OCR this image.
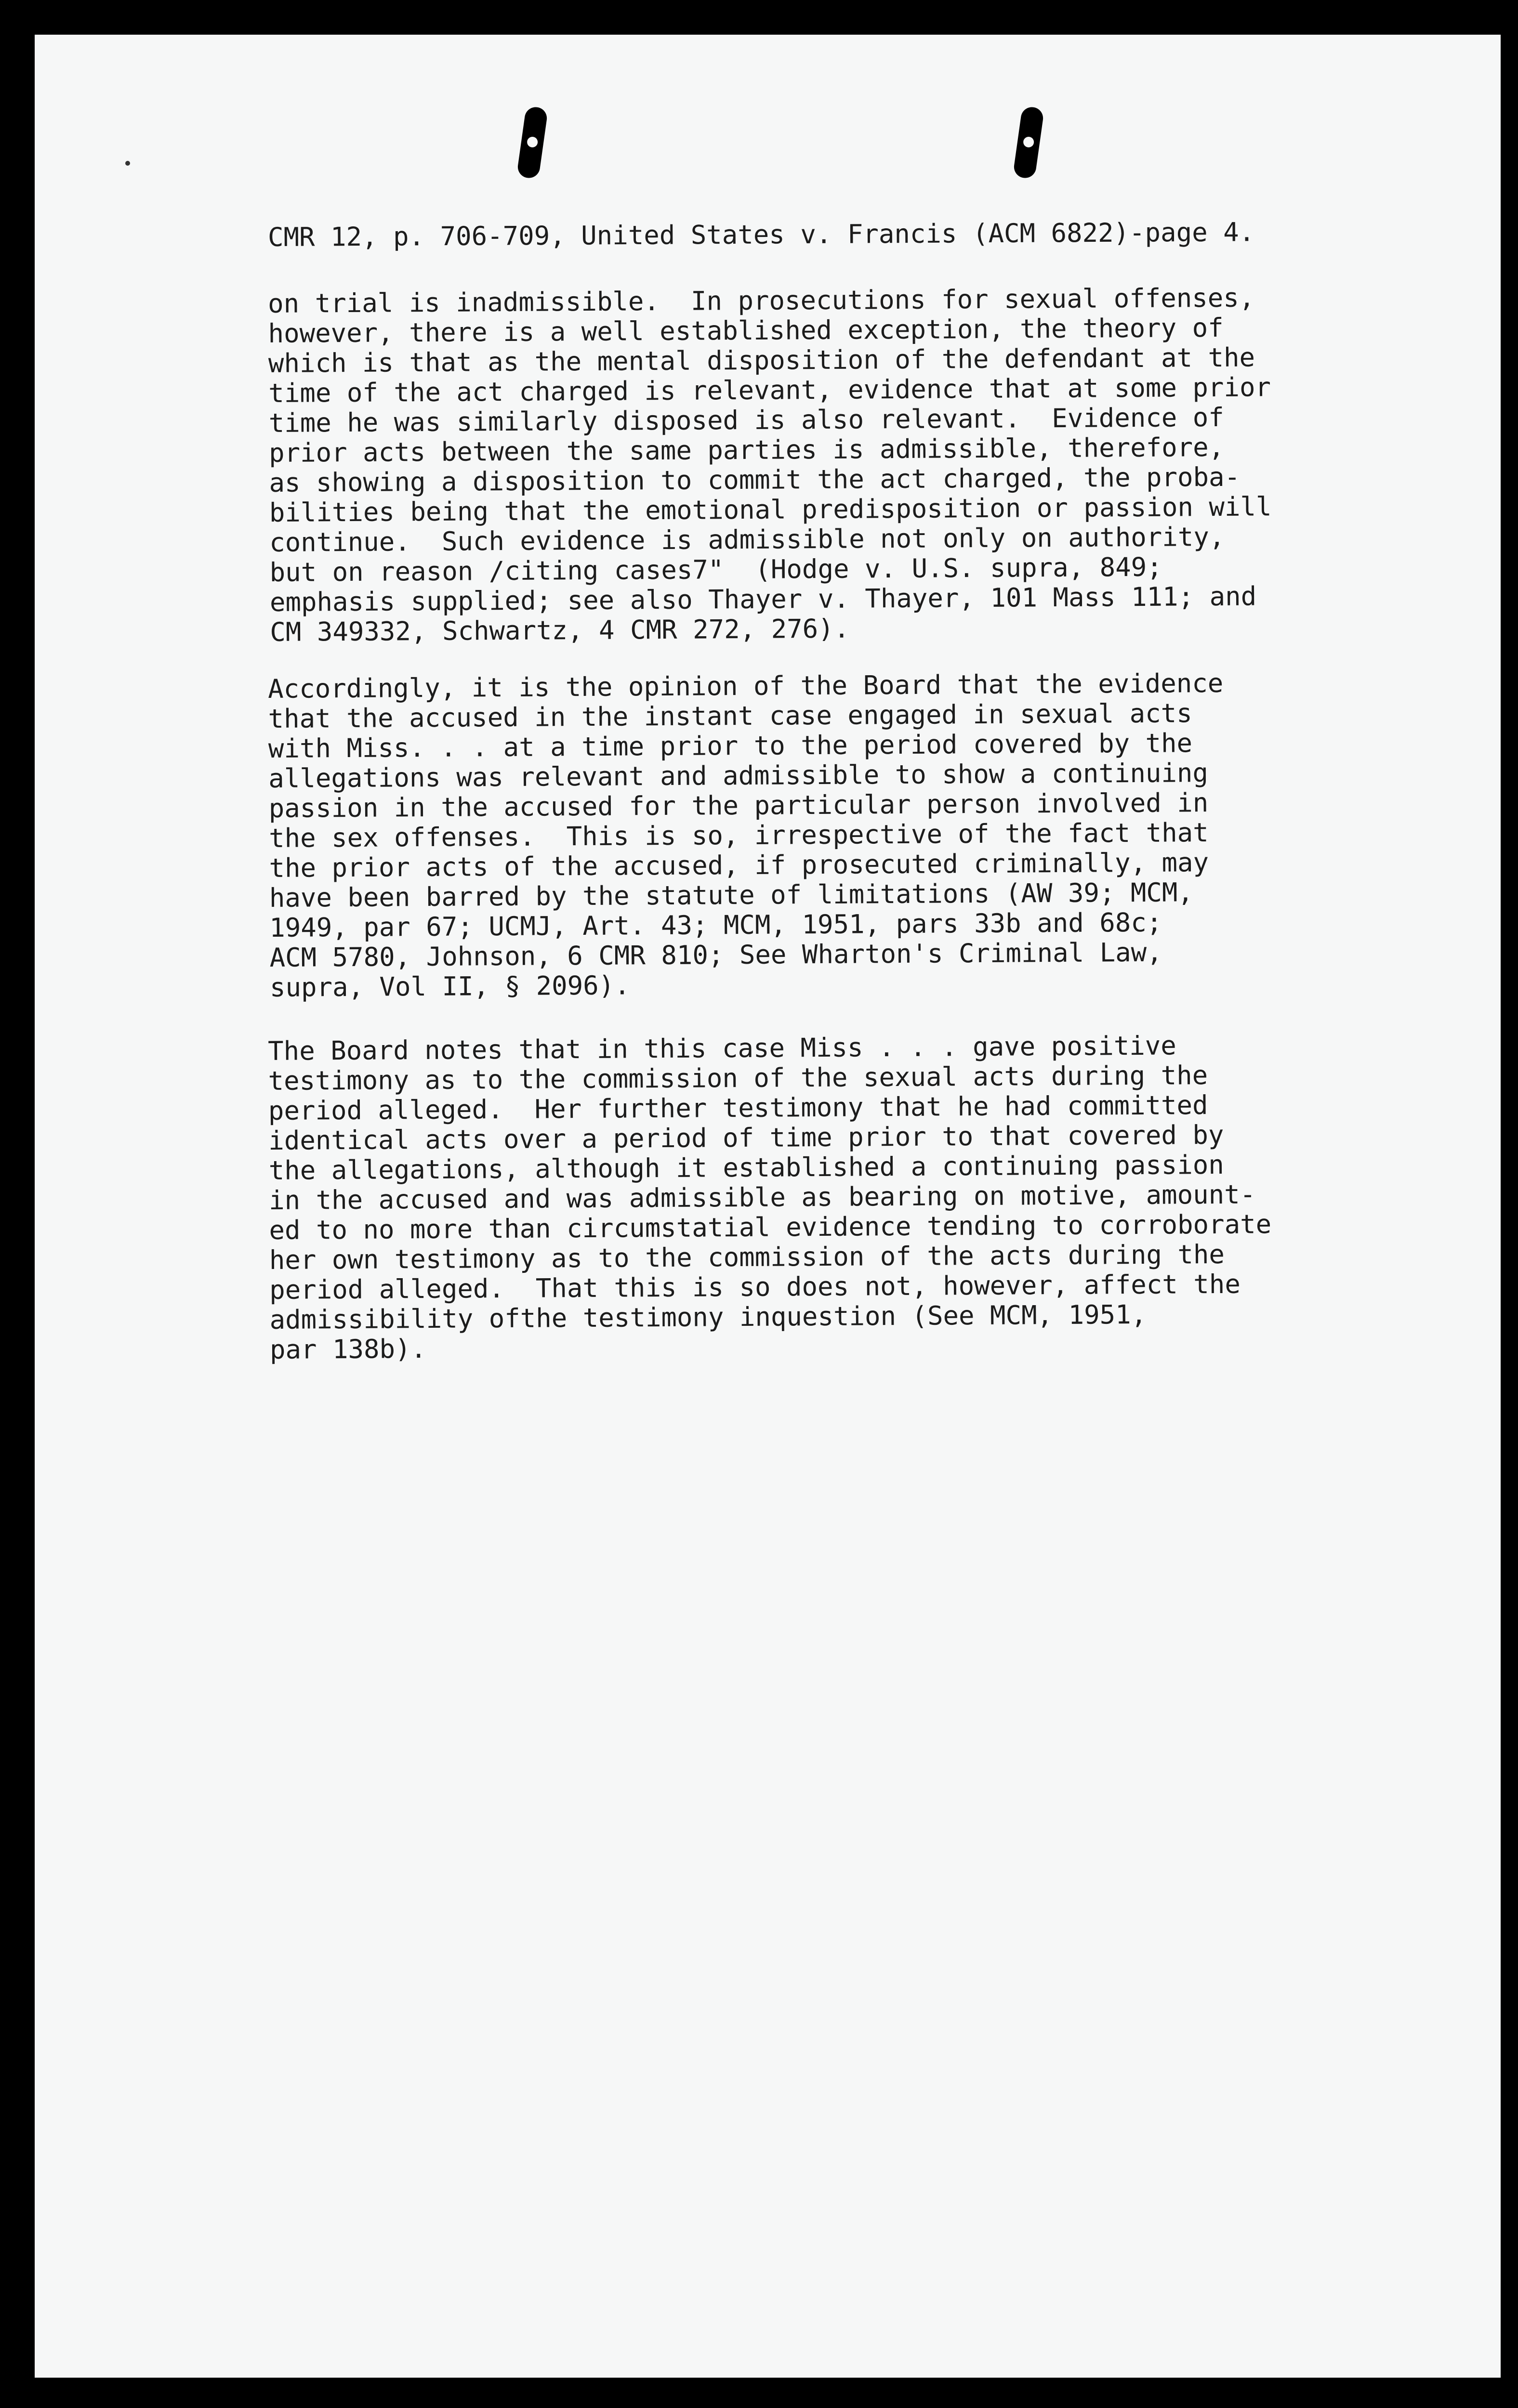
CMR 12, p. 706-709, United States v. Francis (ACM 6822)-page 4.
on trial is inadmissible.  In prosecutions for sexual offenses,
however, there is a well established exception, the theory of
which is that as the mental disposition of the defendant at the
time of the act charged is relevant, evidence that at some prior
time he was similarly disposed is also relevant.  Evidence of
prior acts between the same parties is admissible, therefore,
as showing a disposition to commit the act charged, the proba-
bilities being that the emotional predisposition or passion will
continue.  Such evidence is admissible not only on authority,
but on reason /citing cases7"  (Hodge v. U.S. supra, 849;
emphasis supplied; see also Thayer v. Thayer, 101 Mass 111; and
CM 349332, Schwartz, 4 CMR 272, 276).
Accordingly, it is the opinion of the Board that the evidence
that the accused in the instant case engaged in sexual acts
with Miss. . . at a time prior to the period covered by the
allegations was relevant and admissible to show a continuing
passion in the accused for the particular person involved in
the sex offenses.  This is so, irrespective of the fact that
the prior acts of the accused, if prosecuted criminally, may
have been barred by the statute of limitations (AW 39; MCM,
1949, par 67; UCMJ, Art. 43; MCM, 1951, pars 33b and 68c;
ACM 5780, Johnson, 6 CMR 810; See Wharton's Criminal Law,
supra, Vol II, § 2096).
The Board notes that in this case Miss . . . gave positive
testimony as to the commission of the sexual acts during the
period alleged.  Her further testimony that he had committed
identical acts over a period of time prior to that covered by
the allegations, although it established a continuing passion
in the accused and was admissible as bearing on motive, amount-
ed to no more than circumstatial evidence tending to corroborate
her own testimony as to the commission of the acts during the
period alleged.  That this is so does not, however, affect the
admissibility ofthe testimony inquestion (See MCM, 1951,
par 138b).
